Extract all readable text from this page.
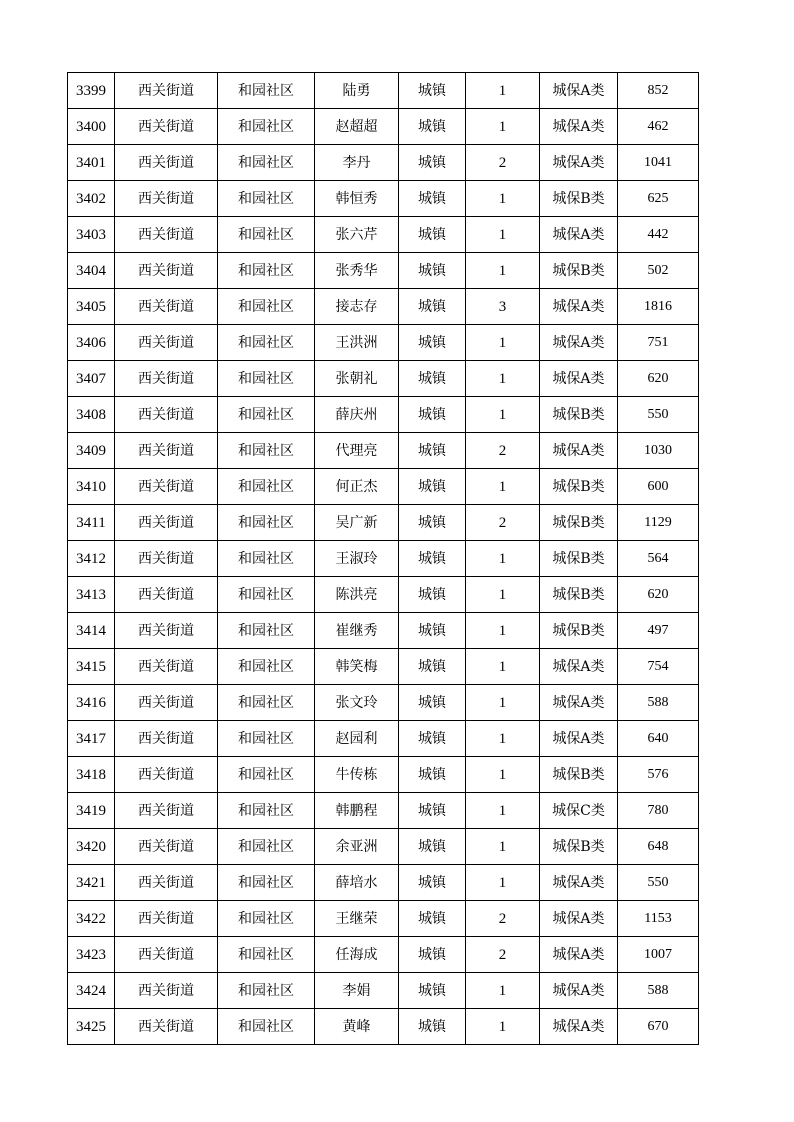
3399	西关街道	和园社区	陆勇	城镇	1	城保A类	852
3400	西关街道	和园社区	赵超超	城镇	1	城保A类	462
3401	西关街道	和园社区	李丹	城镇	2	城保A类	1041
3402	西关街道	和园社区	韩恒秀	城镇	1	城保B类	625
3403	西关街道	和园社区	张六芹	城镇	1	城保A类	442
3404	西关街道	和园社区	张秀华	城镇	1	城保B类	502
3405	西关街道	和园社区	接志存	城镇	3	城保A类	1816
3406	西关街道	和园社区	王洪洲	城镇	1	城保A类	751
3407	西关街道	和园社区	张朝礼	城镇	1	城保A类	620
3408	西关街道	和园社区	薛庆州	城镇	1	城保B类	550
3409	西关街道	和园社区	代理亮	城镇	2	城保A类	1030
3410	西关街道	和园社区	何正杰	城镇	1	城保B类	600
3411	西关街道	和园社区	吴广新	城镇	2	城保B类	1129
3412	西关街道	和园社区	王淑玲	城镇	1	城保B类	564
3413	西关街道	和园社区	陈洪亮	城镇	1	城保B类	620
3414	西关街道	和园社区	崔继秀	城镇	1	城保B类	497
3415	西关街道	和园社区	韩笑梅	城镇	1	城保A类	754
3416	西关街道	和园社区	张文玲	城镇	1	城保A类	588
3417	西关街道	和园社区	赵园利	城镇	1	城保A类	640
3418	西关街道	和园社区	牛传栋	城镇	1	城保B类	576
3419	西关街道	和园社区	韩鹏程	城镇	1	城保C类	780
3420	西关街道	和园社区	余亚洲	城镇	1	城保B类	648
3421	西关街道	和园社区	薛培水	城镇	1	城保A类	550
3422	西关街道	和园社区	王继荣	城镇	2	城保A类	1153
3423	西关街道	和园社区	任海成	城镇	2	城保A类	1007
3424	西关街道	和园社区	李娟	城镇	1	城保A类	588
3425	西关街道	和园社区	黄峰	城镇	1	城保A类	670
